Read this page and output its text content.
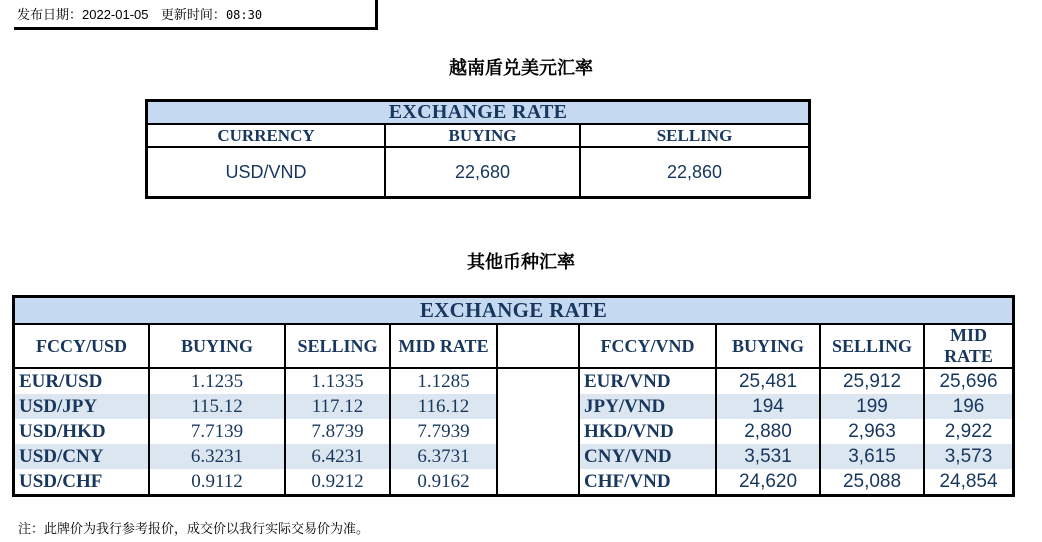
发布日期：2022-01-05 更新时间：08:30
越南盾兑美元汇率
EXCHANGE RATE		
CURRENCY	BUYING	SELLING
USD/VND	22,680	22,860
其他币种汇率
EXCHANGE RATE								
FCCY/USD	BUYING	SELLING	MID RATE		FCCY/VND	BUYING	SELLING	MID RATE
EUR/USD	1.1235	1.1335	1.1285		EUR/VND	25,481	25,912	25,696
USD/JPY	115.12	117.12	116.12		JPY/VND	194	199	196
USD/HKD	7.7139	7.8739	7.7939		HKD/VND	2,880	2,963	2,922
USD/CNY	6.3231	6.4231	6.3731		CNY/VND	3,531	3,615	3,573
USD/CHF	0.9112	0.9212	0.9162		CHF/VND	24,620	25,088	24,854
注：此牌价为我行参考报价，成交价以我行实际交易价为准。
